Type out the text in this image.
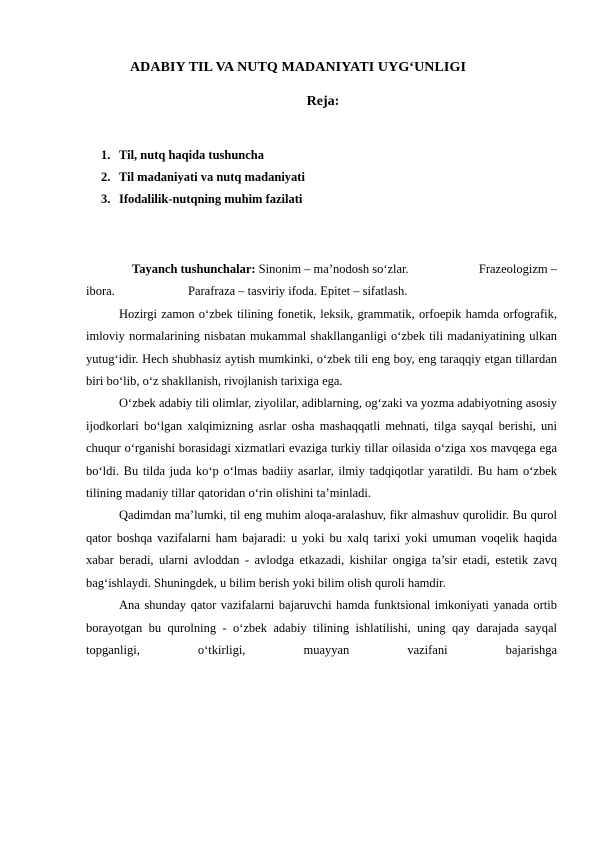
ADABIY TIL VA NUTQ MADANIYATI UYG‘UNLIGI
Reja:
1. Til, nutq haqida tushuncha
2. Til madaniyati va nutq madaniyati
3. Ifodalilik-nutqning muhim fazilati
Tayanch tushunchalar: Sinonim – ma’nodosh so‘zlar.	Frazeologizm –
ibora.	Parafraza – tasviriy ifoda. Epitet – sifatlash.

Hozirgi zamon o‘zbek tilining fonetik, leksik, grammatik, orfoepik hamda orfografik, imloviy normalarining nisbatan mukammal shakllanganligi o‘zbek tili madaniyatining ulkan yutug‘idir. Hech shubhasiz aytish mumkinki, o‘zbek tili eng boy, eng taraqqiy etgan tillardan biri bo‘lib, o‘z shakllanish, rivojlanish tarixiga ega.

O‘zbek adabiy tili olimlar, ziyolilar, adiblarning, og‘zaki va yozma adabiyotning asosiy ijodkorlari bo‘lgan xalqimizning asrlar osha mashaqqatli mehnati, tilga sayqal berishi, uni chuqur o‘rganishi borasidagi xizmatlari evaziga turkiy tillar oilasida o‘ziga xos mavqega ega bo‘ldi. Bu tilda juda ko‘p o‘lmas badiiy asarlar, ilmiy tadqiqotlar yaratildi. Bu ham o‘zbek tilining madaniy tillar qatoridan o‘rin olishini ta’minladi.

Qadimdan ma’lumki, til eng muhim aloqa-aralashuv, fikr almashuv qurolidir. Bu qurol qator boshqa vazifalarni ham bajaradi: u yoki bu xalq tarixi yoki umuman voqelik haqida xabar beradi, ularni avloddan - avlodga etkazadi, kishilar ongiga ta’sir etadi, estetik zavq bag‘ishlaydi. Shuningdek, u bilim berish yoki bilim olish quroli hamdir.

Ana shunday qator vazifalarni bajaruvchi hamda funktsional imkoniyati yanada ortib borayotgan bu qurolning - o‘zbek adabiy tilining ishlatilishi, uning qay darajada sayqal topganligi, o‘tkirligi, muayyan vazifani bajarishga
